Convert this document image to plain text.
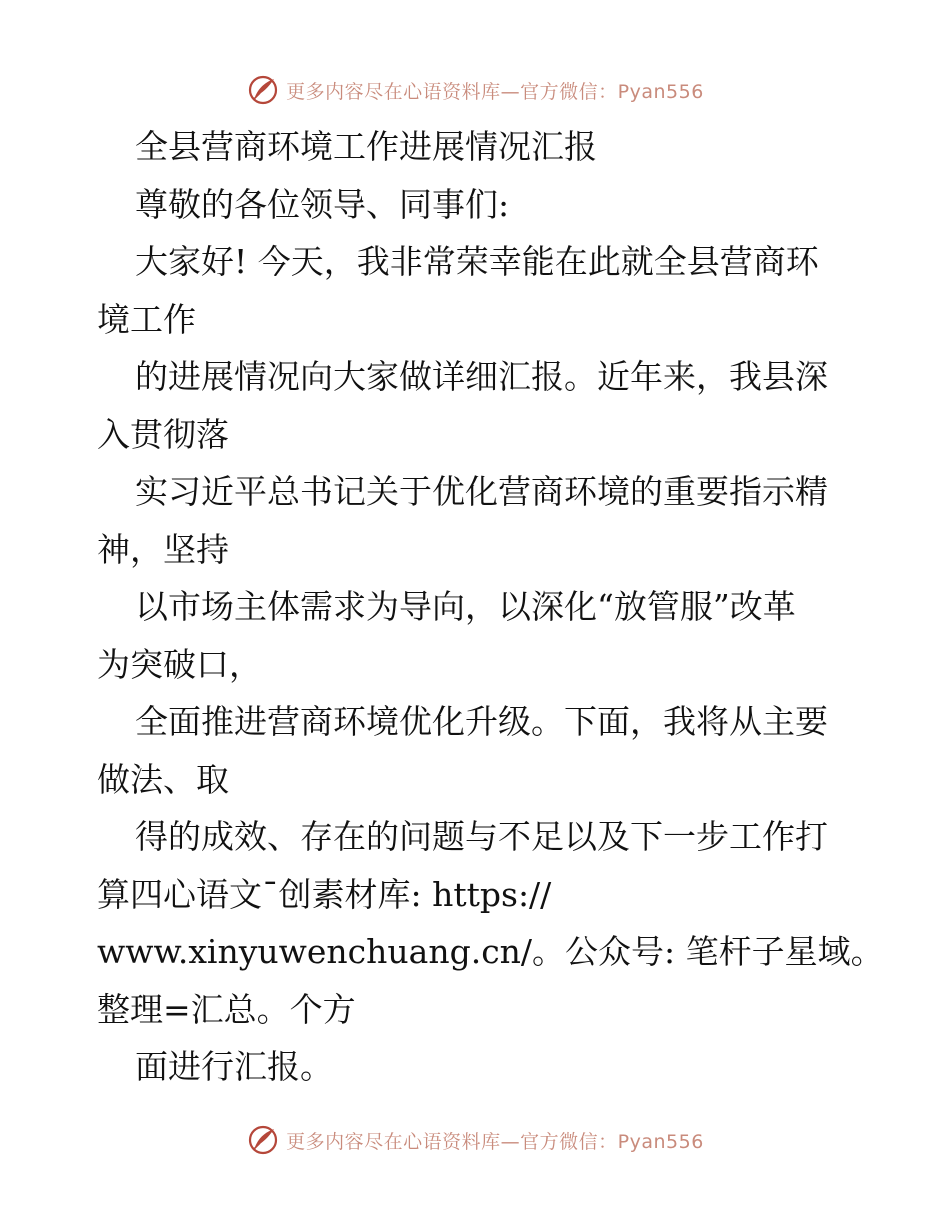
更多内容尽在心语资料库—官方微信：Pyan556
全县营商环境工作进展情况汇报
尊敬的各位领导、同事们:
大家好! 今天，我非常荣幸能在此就全县营商环
境工作
的进展情况向大家做详细汇报。近年来，我县深
入贯彻落
实习近平总书记关于优化营商环境的重要指示精
神，坚持
以市场主体需求为导向，以深化“放管服”改革
为突破口，
全面推进营商环境优化升级。下面，我将从主要
做法、取
得的成效、存在的问题与不足以及下一步工作打
算四心语文¯创素材库: https://
www.xinyuwenchuang.cn/。公众号: 笔杆子星域。
整理=汇总。个方
面进行汇报。
更多内容尽在心语资料库—官方微信：Pyan556
